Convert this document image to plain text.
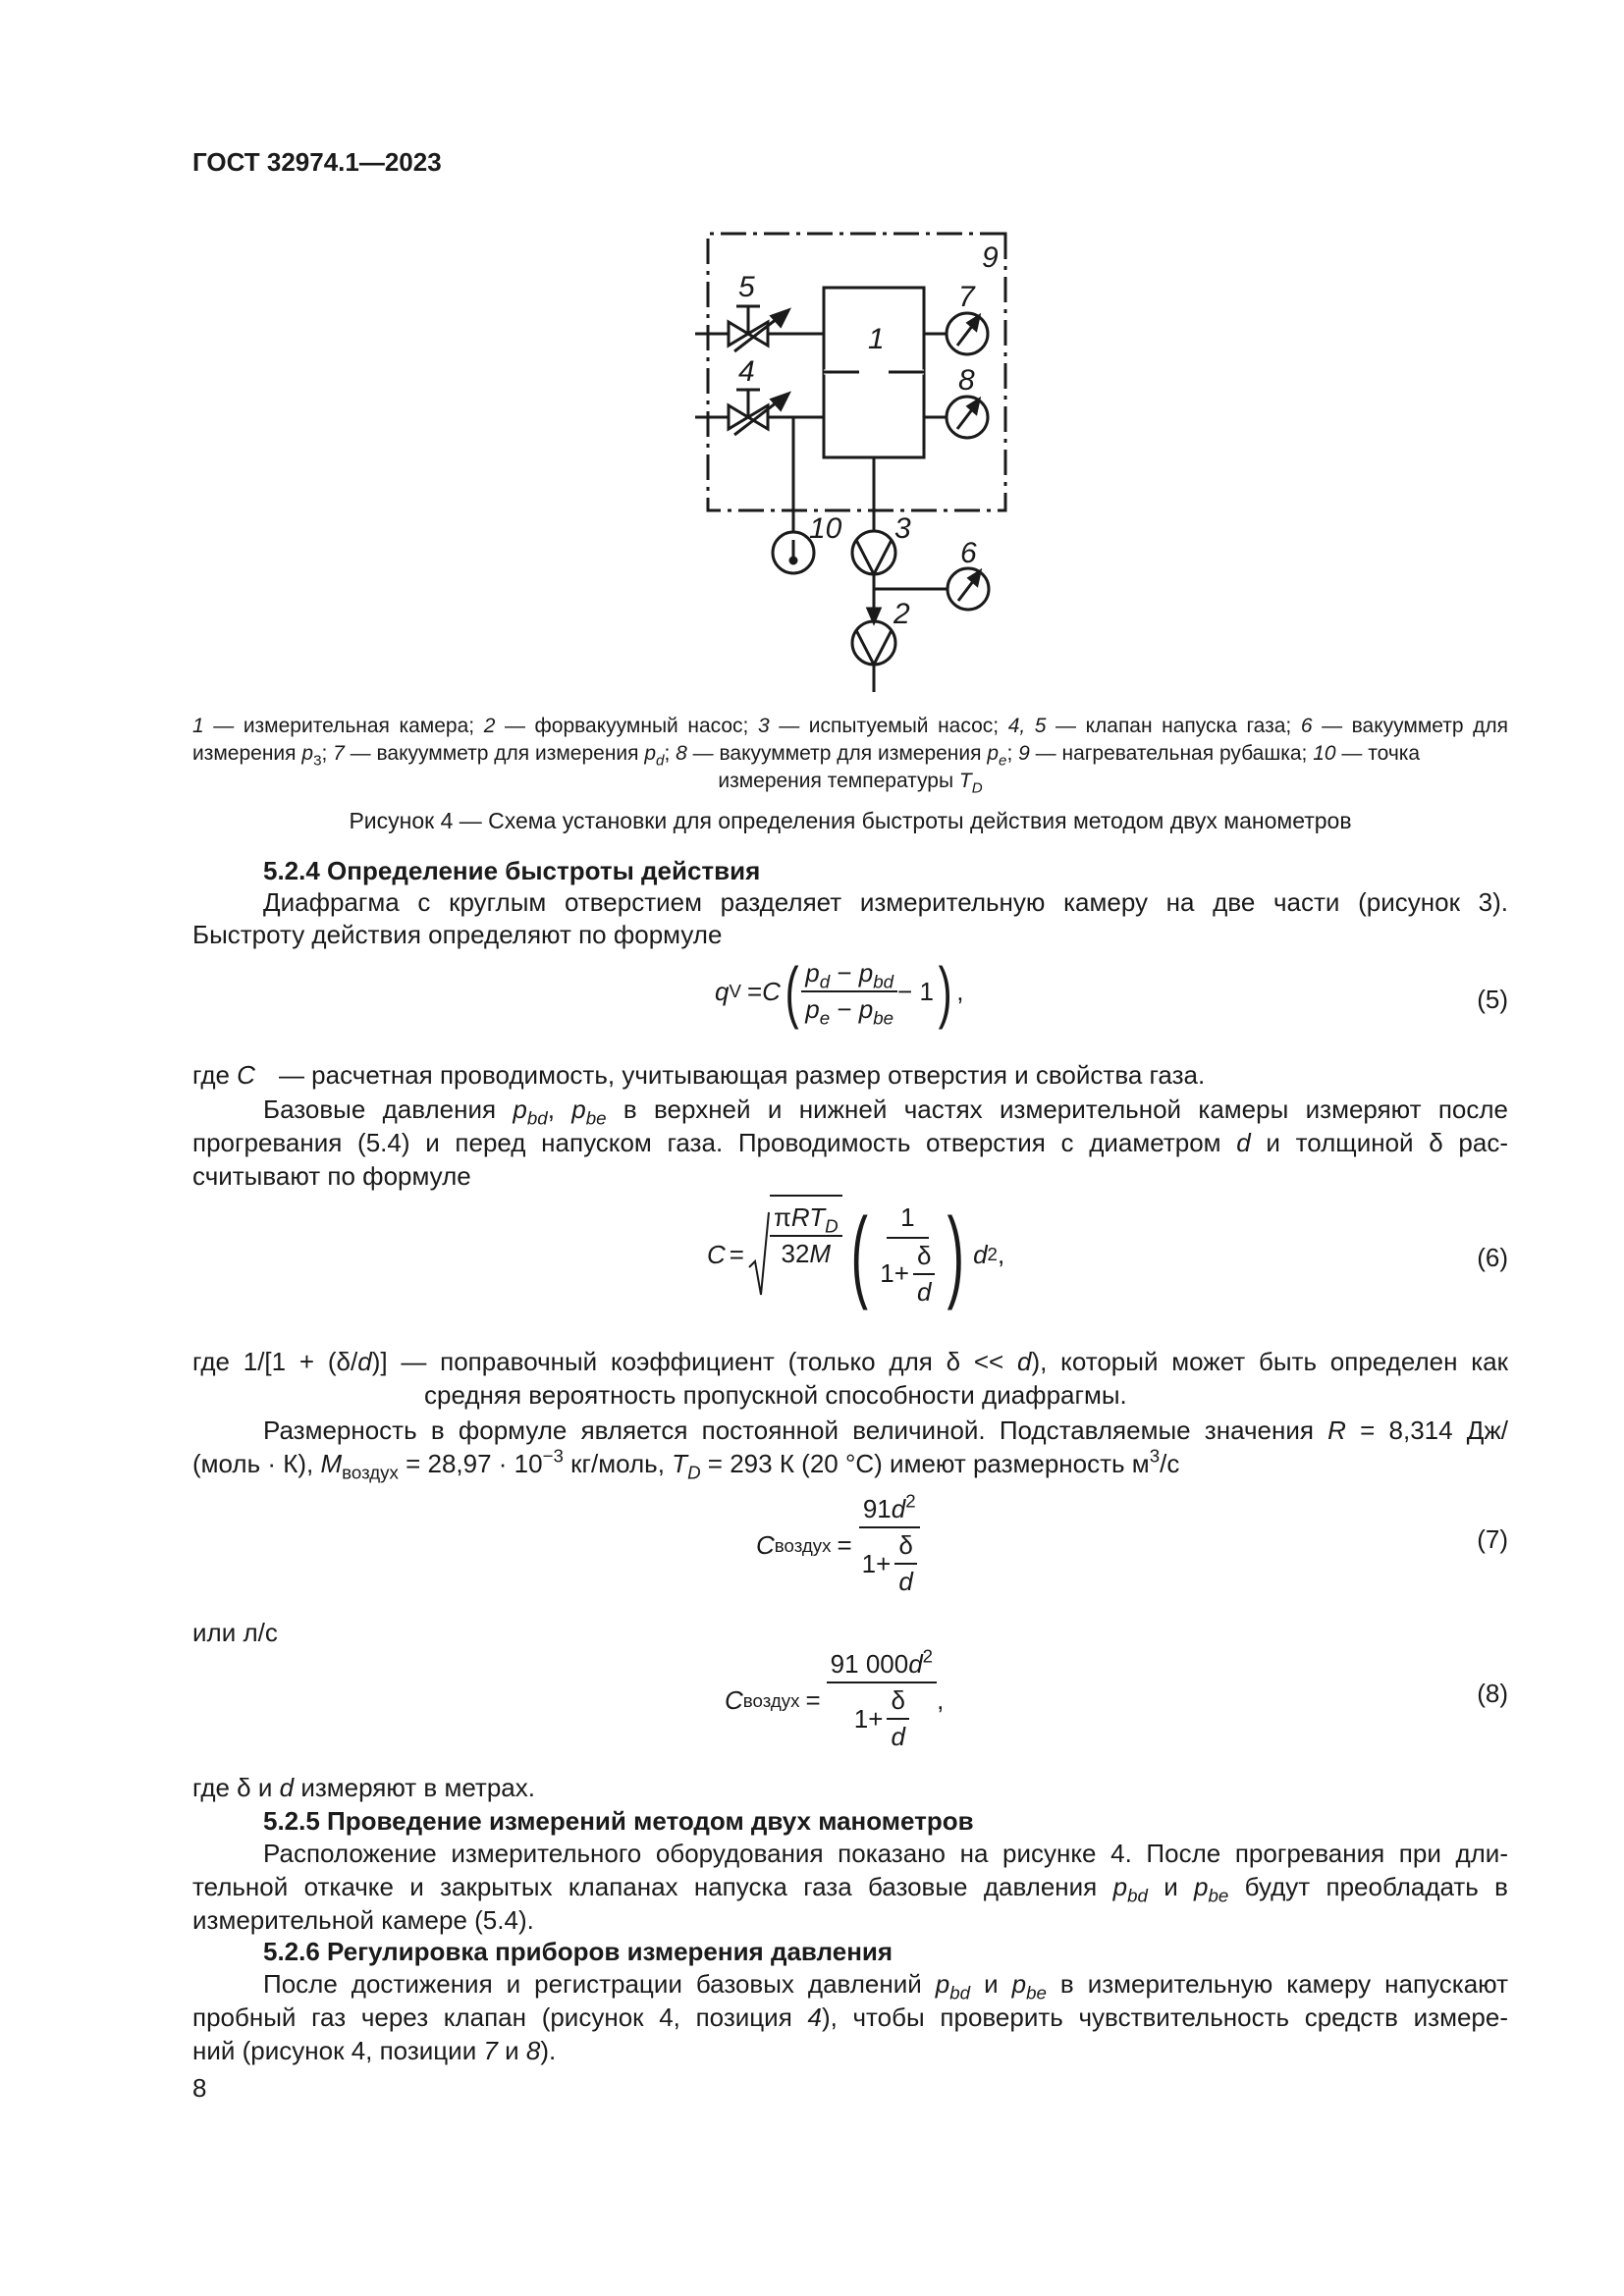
ГОСТ 32974.1—2023
9
5
1
7
4	8
10 3
6
2
1 — измерительная камера; 2 — форвакуумный насос; 3 — испытуемый насос; 4, 5 — клапан напуска газа; 6 — вакуумметр для
измерения $p_3$; 7 — вакуумметр для измерения $p_d$; 8 — вакуумметр для измерения $p_e$; 9 — нагревательная рубашка; 10 — точка
измерения температуры $T_D$
Рисунок 4 — Схема установки для определения быстроты действия методом двух манометров
5.2.4 Определение быстроты действия
Диафрагма с круглым отверстием разделяет измерительную камеру на две части (рисунок 3).
Быстроту действия определяют по формуле
q V = C ( $\frac{p_d - p_{bd}}{p_e - p_{be}} - 1$ ) ,	(5)
где C — расчетная проводимость, учитывающая размер отверстия и свойства газа.
Базовые давления $p_{bd}$, $p_{be}$ в верхней и нижней частях измерительной камеры измеряют после
прогревания (5.4) и перед напуском газа. Проводимость отверстия с диаметром d и толщиной δ рас-
считывают по формуле
$C = \frac{\pi RT_D}{32M}$ ( $\frac{1}{1+ \frac{\delta}{d}}$ ) d 2 ,	(6)
где 1/[1 + (δ/d)] — поправочный коэффициент (только для δ << d), который может быть определен как
средняя вероятность пропускной способности диафрагмы.
Размерность в формуле является постоянной величиной. Подставляемые значения R = 8,314 Дж/
(моль · К), $M_{воздух} = 28,97 \cdot 10^{-3}$ кг/моль, $T_D = 293$ К (20 °С) имеют размерность $м^3/с$
C воздух = $\frac{91d^2}{1+ \frac{\delta}{d}}$	(7)
или л/с
C воздух = $\frac{91 000d^2}{1+ \frac{\delta}{d}}$ ,	(8)
где δ и d измеряют в метрах.
5.2.5 Проведение измерений методом двух манометров
Расположение измерительного оборудования показано на рисунке 4. После прогревания при дли-
тельной откачке и закрытых клапанах напуска газа базовые давления $p_{bd}$ и $p_{be}$ будут преобладать в
измерительной камере (5.4).
5.2.6 Регулировка приборов измерения давления
После достижения и регистрации базовых давлений $p_{bd}$ и $p_{be}$ в измерительную камеру напускают
пробный газ через клапан (рисунок 4, позиция 4), чтобы проверить чувствительность средств измере-
ний (рисунок 4, позиции 7 и 8).
8
